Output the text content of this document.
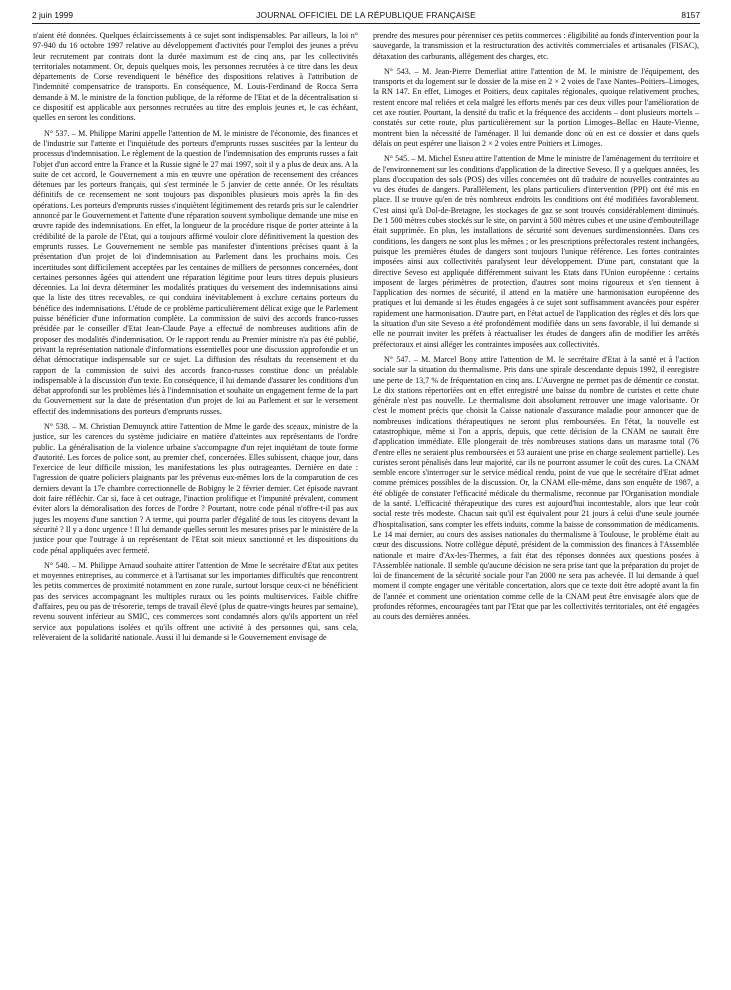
2 juin 1999	JOURNAL OFFICIEL DE LA RÉPUBLIQUE FRANÇAISE	8157

n'aient été données. Quelques éclaircissements à ce sujet sont indispensables. Par ailleurs, la loi n° 97-940 du 16 octobre 1997 relative au développement d'activités pour l'emploi des jeunes a prévu leur recrutement par contrats dont la durée maximum est de cinq ans, par les collectivités territoriales notamment. Or, depuis quelques mois, les personnes recrutées à ce titre dans les deux départements de Corse revendiquent le bénéfice des dispositions relatives à l'attribution de l'indemnité compensatrice de transports. En conséquence, M. Louis-Ferdinand de Rocca Serra demande à M. le ministre de la fonction publique, de la réforme de l'Etat et de la décentralisation si ce dispositif est applicable aux personnes recrutées au titre des emplois jeunes et, le cas échéant, quelles en seront les conditions.

N° 537. – M. Philippe Marini appelle l'attention de M. le ministre de l'économie, des finances et de l'industrie sur l'attente et l'inquiétude des porteurs d'emprunts russes suscitées par la lenteur du processus d'indemnisation. Le règlement de la question de l'indemnisation des emprunts russes a fait l'objet d'un accord entre la France et la Russie signé le 27 mai 1997, soit il y a plus de deux ans. A la suite de cet accord, le Gouvernement a mis en œuvre une opération de recensement des créances détenues par les porteurs français, qui s'est terminée le 5 janvier de cette année. Or les résultats définitifs de ce recensement ne sont toujours pas disponibles plusieurs mois après la fin des opérations. Les porteurs d'emprunts russes s'inquiètent légitimement des retards pris sur le calendrier annoncé par le Gouvernement et l'attente d'une réparation souvent symbolique demande une mise en œuvre rapide des indemnisations. En effet, la longueur de la procédure risque de porter atteinte à la crédibilité de la parole de l'Etat, qui a toujours affirmé vouloir clore définitivement la question des emprunts russes. Le Gouvernement ne semble pas manifester d'intentions précises quant à la présentation d'un projet de loi d'indemnisation au Parlement dans les prochains mois. Ces incertitudes sont difficilement acceptées par les centaines de milliers de personnes concernées, dont certaines personnes âgées qui attendent une réparation légitime pour leurs titres depuis plusieurs décennies. La loi devra déterminer les modalités pratiques du versement des indemnisations ainsi que la liste des titres recevables, ce qui conduira inévitablement à exclure certains porteurs du bénéfice des indemnisations. L'étude de ce problème particulièrement délicat exige que le Parlement puisse bénéficier d'une information complète. La commission de suivi des accords franco-russes présidée par le conseiller d'Etat Jean-Claude Paye a effectué de nombreuses auditions afin de proposer des modalités d'indemnisation. Or le rapport rendu au Premier ministre n'a pas été publié, privant la représentation nationale d'informations essentielles pour une discussion approfondie et un débat démocratique indispensable sur ce sujet. La diffusion des résultats du recensement et du rapport de la commission de suivi des accords franco-russes constitue donc un préalable indispensable à la discussion d'un texte. En conséquence, il lui demande d'assurer les conditions d'un débat approfondi sur les problèmes liés à l'indemnisation et souhaite un engagement ferme de la part du Gouvernement sur la date de présentation d'un projet de loi au Parlement et sur le versement effectif des indemnisations des porteurs d'emprunts russes.

N° 538. – M. Christian Demuynck attire l'attention de Mme le garde des sceaux, ministre de la justice, sur les carences du système judiciaire en matière d'atteintes aux représentants de l'ordre public. La généralisation de la violence urbaine s'accompagne d'un rejet inquiétant de toute forme d'autorité. Les forces de police sont, au premier chef, concernées. Elles subissent, chaque jour, dans l'exercice de leur difficile mission, les manifestations les plus outrageantes. Dernière en date : l'agression de quatre policiers plaignants par les prévenus eux-mêmes lors de la comparution de ces derniers devant la 17e chambre correctionnelle de Bobigny le 2 février dernier. Cet épisode navrant doit faire réfléchir. Car si, face à cet outrage, l'inaction prolifique et l'impunité prévalent, comment éviter alors la démoralisation des forces de l'ordre ? Pourtant, notre code pénal n'offre-t-il pas aux juges les moyens d'une sanction ? A terme, qui pourra parler d'égalité de tous les citoyens devant la sécurité ? Il y a donc urgence ! Il lui demande quelles seront les mesures prises par le ministère de la justice pour que l'outrage à un représentant de l'Etat soit mieux sanctionné et les dispositions du code pénal appliquées avec fermeté.

N° 540. – M. Philippe Arnaud souhaite attirer l'attention de Mme le secrétaire d'Etat aux petites et moyennes entreprises, au commerce et à l'artisanat sur les importantes difficultés que rencontrent les petits commerces de proximité notamment en zone rurale, surtout lorsque ceux-ci ne bénéficient pas des services accompagnant les multiples ruraux ou les points multiservices. Faible chiffre d'affaires, peu ou pas de trésorerie, temps de travail élevé (plus de quatre-vingts heures par semaine), revenu souvent inférieur au SMIC, ces commerces sont condamnés alors qu'ils apportent un réel service aux populations isolées et qu'ils offrent une activité à des personnes qui, sans cela, relèveraient de la solidarité nationale. Aussi il lui demande si le Gouvernement envisage de

prendre des mesures pour pérenniser ces petits commerces : éligibilité au fonds d'intervention pour la sauvegarde, la transmission et la restructuration des activités commerciales et artisanales (FISAC), détaxation des carburants, allégement des charges, etc.

N° 543. – M. Jean-Pierre Demerliat attire l'attention de M. le ministre de l'équipement, des transports et du logement sur le dossier de la mise en 2 × 2 voies de l'axe Nantes–Poitiers–Limoges, la RN 147. En effet, Limoges et Poitiers, deux capitales régionales, quoique relativement proches, restent encore mal reliées et cela malgré les efforts menés par ces deux villes pour l'amélioration de cet axe routier. Pourtant, la densité du trafic et la fréquence des accidents – dont plusieurs mortels – constatés sur cette route, plus particulièrement sur la portion Limoges–Bellac en Haute-Vienne, montrent bien la nécessité de l'aménager. Il lui demande donc où en est ce dossier et dans quels délais on peut espérer une liaison 2 × 2 voies entre Poitiers et Limoges.

N° 545. – M. Michel Esneu attire l'attention de Mme le ministre de l'aménagement du territoire et de l'environnement sur les conditions d'application de la directive Seveso. Il y a quelques années, les plans d'occupation des sols (POS) des villes concernées ont dû traduire de nouvelles contraintes au vu des études de dangers. Parallèlement, les plans particuliers d'intervention (PPI) ont été mis en place. Il se trouve qu'en de très nombreux endroits les conditions ont été modifiées favorablement. C'est ainsi qu'à Dol-de-Bretagne, les stockages de gaz se sont trouvés considérablement diminués. De 1 500 mètres cubes stockés sur le site, on parvint à 500 mètres cubes et une usine d'embouteillage était supprimée. En plus, les installations de sécurité sont devenues surdimensionnées. Dans ces conditions, les dangers ne sont plus les mêmes ; or les prescriptions préfectorales restent inchangées, puisque les premières études de dangers sont toujours l'unique référence. Les fortes contraintes imposées ainsi aux collectivités paralysent leur développement. D'une part, constatant que la directive Seveso est appliquée différemment suivant les Etats dans l'Union européenne : certains imposent de larges périmètres de protection, d'autres sont moins rigoureux et s'en tiennent à l'application des normes de sécurité, il attend en la matière une harmonisation européenne des pratiques et lui demande si les études engagées à ce sujet sont suffisamment avancées pour espérer rapidement une harmonisation. D'autre part, en l'état actuel de l'application des règles et dès lors que la situation d'un site Seveso a été profondément modifiée dans un sens favorable, il lui demande si elle ne pourrait inviter les préfets à réactualiser les études de dangers afin de modifier les arrêtés préfectoraux et ainsi alléger les contraintes imposées aux collectivités.

N° 547. – M. Marcel Bony attire l'attention de M. le secrétaire d'Etat à la santé et à l'action sociale sur la situation du thermalisme. Pris dans une spirale descendante depuis 1992, il enregistre une perte de 13,7 % de fréquentation en cinq ans. L'Auvergne ne permet pas de démentir ce constat. Le dix stations répertoriées ont en effet enregistré une baisse du nombre de curistes et cette chute générale n'est pas nouvelle. Le thermalisme doit absolument retrouver une image valorisante. Or c'est le moment précis que choisit la Caisse nationale d'assurance maladie pour annoncer que de nombreuses indications thérapeutiques ne seront plus remboursées. En l'état, la nouvelle est catastrophique, même si l'on a appris, depuis, que cette décision de la CNAM ne saurait être d'application immédiate. Elle plongerait de très nombreuses stations dans un marasme total (76 d'entre elles ne seraient plus remboursées et 53 auraient une prise en charge seulement partielle). Les curistes seront pénalisés dans leur majorité, car ils ne pourront assumer le coût des cures. La CNAM semble encore s'interroger sur le service médical rendu, point de vue que le secrétaire d'Etat admet comme prémices possibles de la discussion. Or, la CNAM elle-même, dans son enquête de 1987, a été obligée de constater l'efficacité médicale du thermalisme, reconnue par l'Organisation mondiale de la santé. L'efficacité thérapeutique des cures est aujourd'hui incontestable, alors que leur coût social reste très modeste. Chacun sait qu'il est équivalent pour 21 jours à celui d'une seule journée d'hospitalisation, sans compter les effets induits, comme la baisse de consommation de médicaments. Le 14 mai dernier, au cours des assises nationales du thermalisme à Toulouse, le problème était au cœur des discussions. Notre collègue député, président de la commission des finances à l'Assemblée nationale et maire d'Ax-les-Thermes, a fait état des réponses données aux questions posées à l'Assemblée nationale. Il semble qu'aucune décision ne sera prise tant que la préparation du projet de loi de financement de la sécurité sociale pour l'an 2000 ne sera pas achevée. Il lui demande à quel moment il compte engager une véritable concertation, alors que ce texte doit être adopté avant la fin de l'année et comment une orientation comme celle de la CNAM peut être envisagée alors que de profondes réformes, encouragées tant par l'Etat que par les collectivités territoriales, ont été engagées au cours des dernières années.
